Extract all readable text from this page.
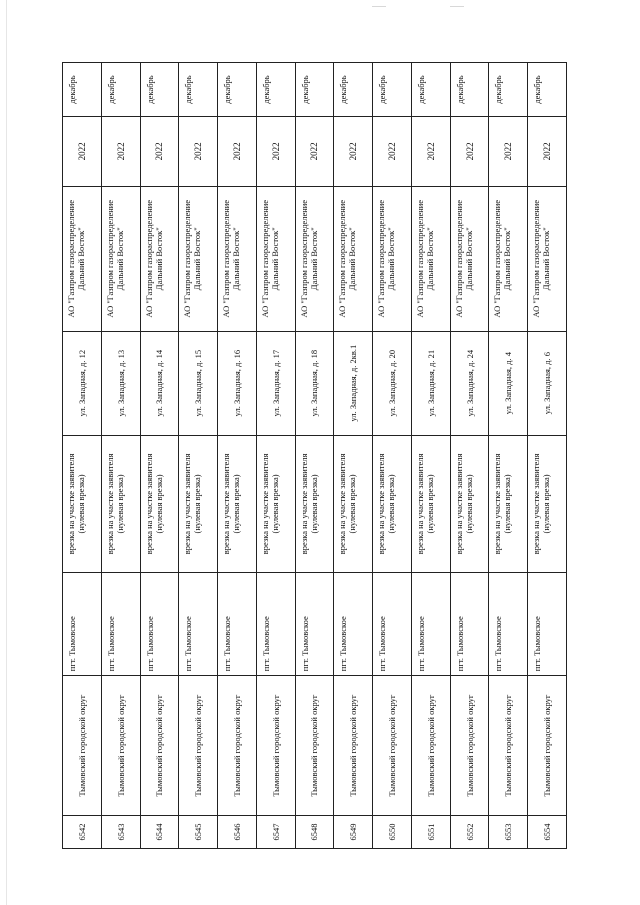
6542
Тымовский городской округ
пгт. Тымовское
врезка на участке заявителя (нулевая врезка)
ул. Западная, д. 12
АО "Газпром газораспределение Дальний Восток"
2022
декабрь
6543
Тымовский городской округ
пгт. Тымовское
врезка на участке заявителя (нулевая врезка)
ул. Западная, д. 13
АО "Газпром газораспределение Дальний Восток"
2022
декабрь
6544
Тымовский городской округ
пгт. Тымовское
врезка на участке заявителя (нулевая врезка)
ул. Западная, д. 14
АО "Газпром газораспределение Дальний Восток"
2022
декабрь
6545
Тымовский городской округ
пгт. Тымовское
врезка на участке заявителя (нулевая врезка)
ул. Западная, д. 15
АО "Газпром газораспределение Дальний Восток"
2022
декабрь
6546
Тымовский городской округ
пгт. Тымовское
врезка на участке заявителя (нулевая врезка)
ул. Западная, д. 16
АО "Газпром газораспределение Дальний Восток"
2022
декабрь
6547
Тымовский городской округ
пгт. Тымовское
врезка на участке заявителя (нулевая врезка)
ул. Западная, д. 17
АО "Газпром газораспределение Дальний Восток"
2022
декабрь
6548
Тымовский городской округ
пгт. Тымовское
врезка на участке заявителя (нулевая врезка)
ул. Западная, д. 18
АО "Газпром газораспределение Дальний Восток"
2022
декабрь
6549
Тымовский городской округ
пгт. Тымовское
врезка на участке заявителя (нулевая врезка)
ул. Западная, д. 2кв.1
АО "Газпром газораспределение Дальний Восток"
2022
декабрь
6550
Тымовский городской округ
пгт. Тымовское
врезка на участке заявителя (нулевая врезка)
ул. Западная, д. 20
АО "Газпром газораспределение Дальний Восток"
2022
декабрь
6551
Тымовский городской округ
пгт. Тымовское
врезка на участке заявителя (нулевая врезка)
ул. Западная, д. 21
АО "Газпром газораспределение Дальний Восток"
2022
декабрь
6552
Тымовский городской округ
пгт. Тымовское
врезка на участке заявителя (нулевая врезка)
ул. Западная, д. 24
АО "Газпром газораспределение Дальний Восток"
2022
декабрь
6553
Тымовский городской округ
пгт. Тымовское
врезка на участке заявителя (нулевая врезка)
ул. Западная, д. 4
АО "Газпром газораспределение Дальний Восток"
2022
декабрь
6554
Тымовский городской округ
пгт. Тымовское
врезка на участке заявителя (нулевая врезка)
ул. Западная, д. 6
АО "Газпром газораспределение Дальний Восток"
2022
декабрь
